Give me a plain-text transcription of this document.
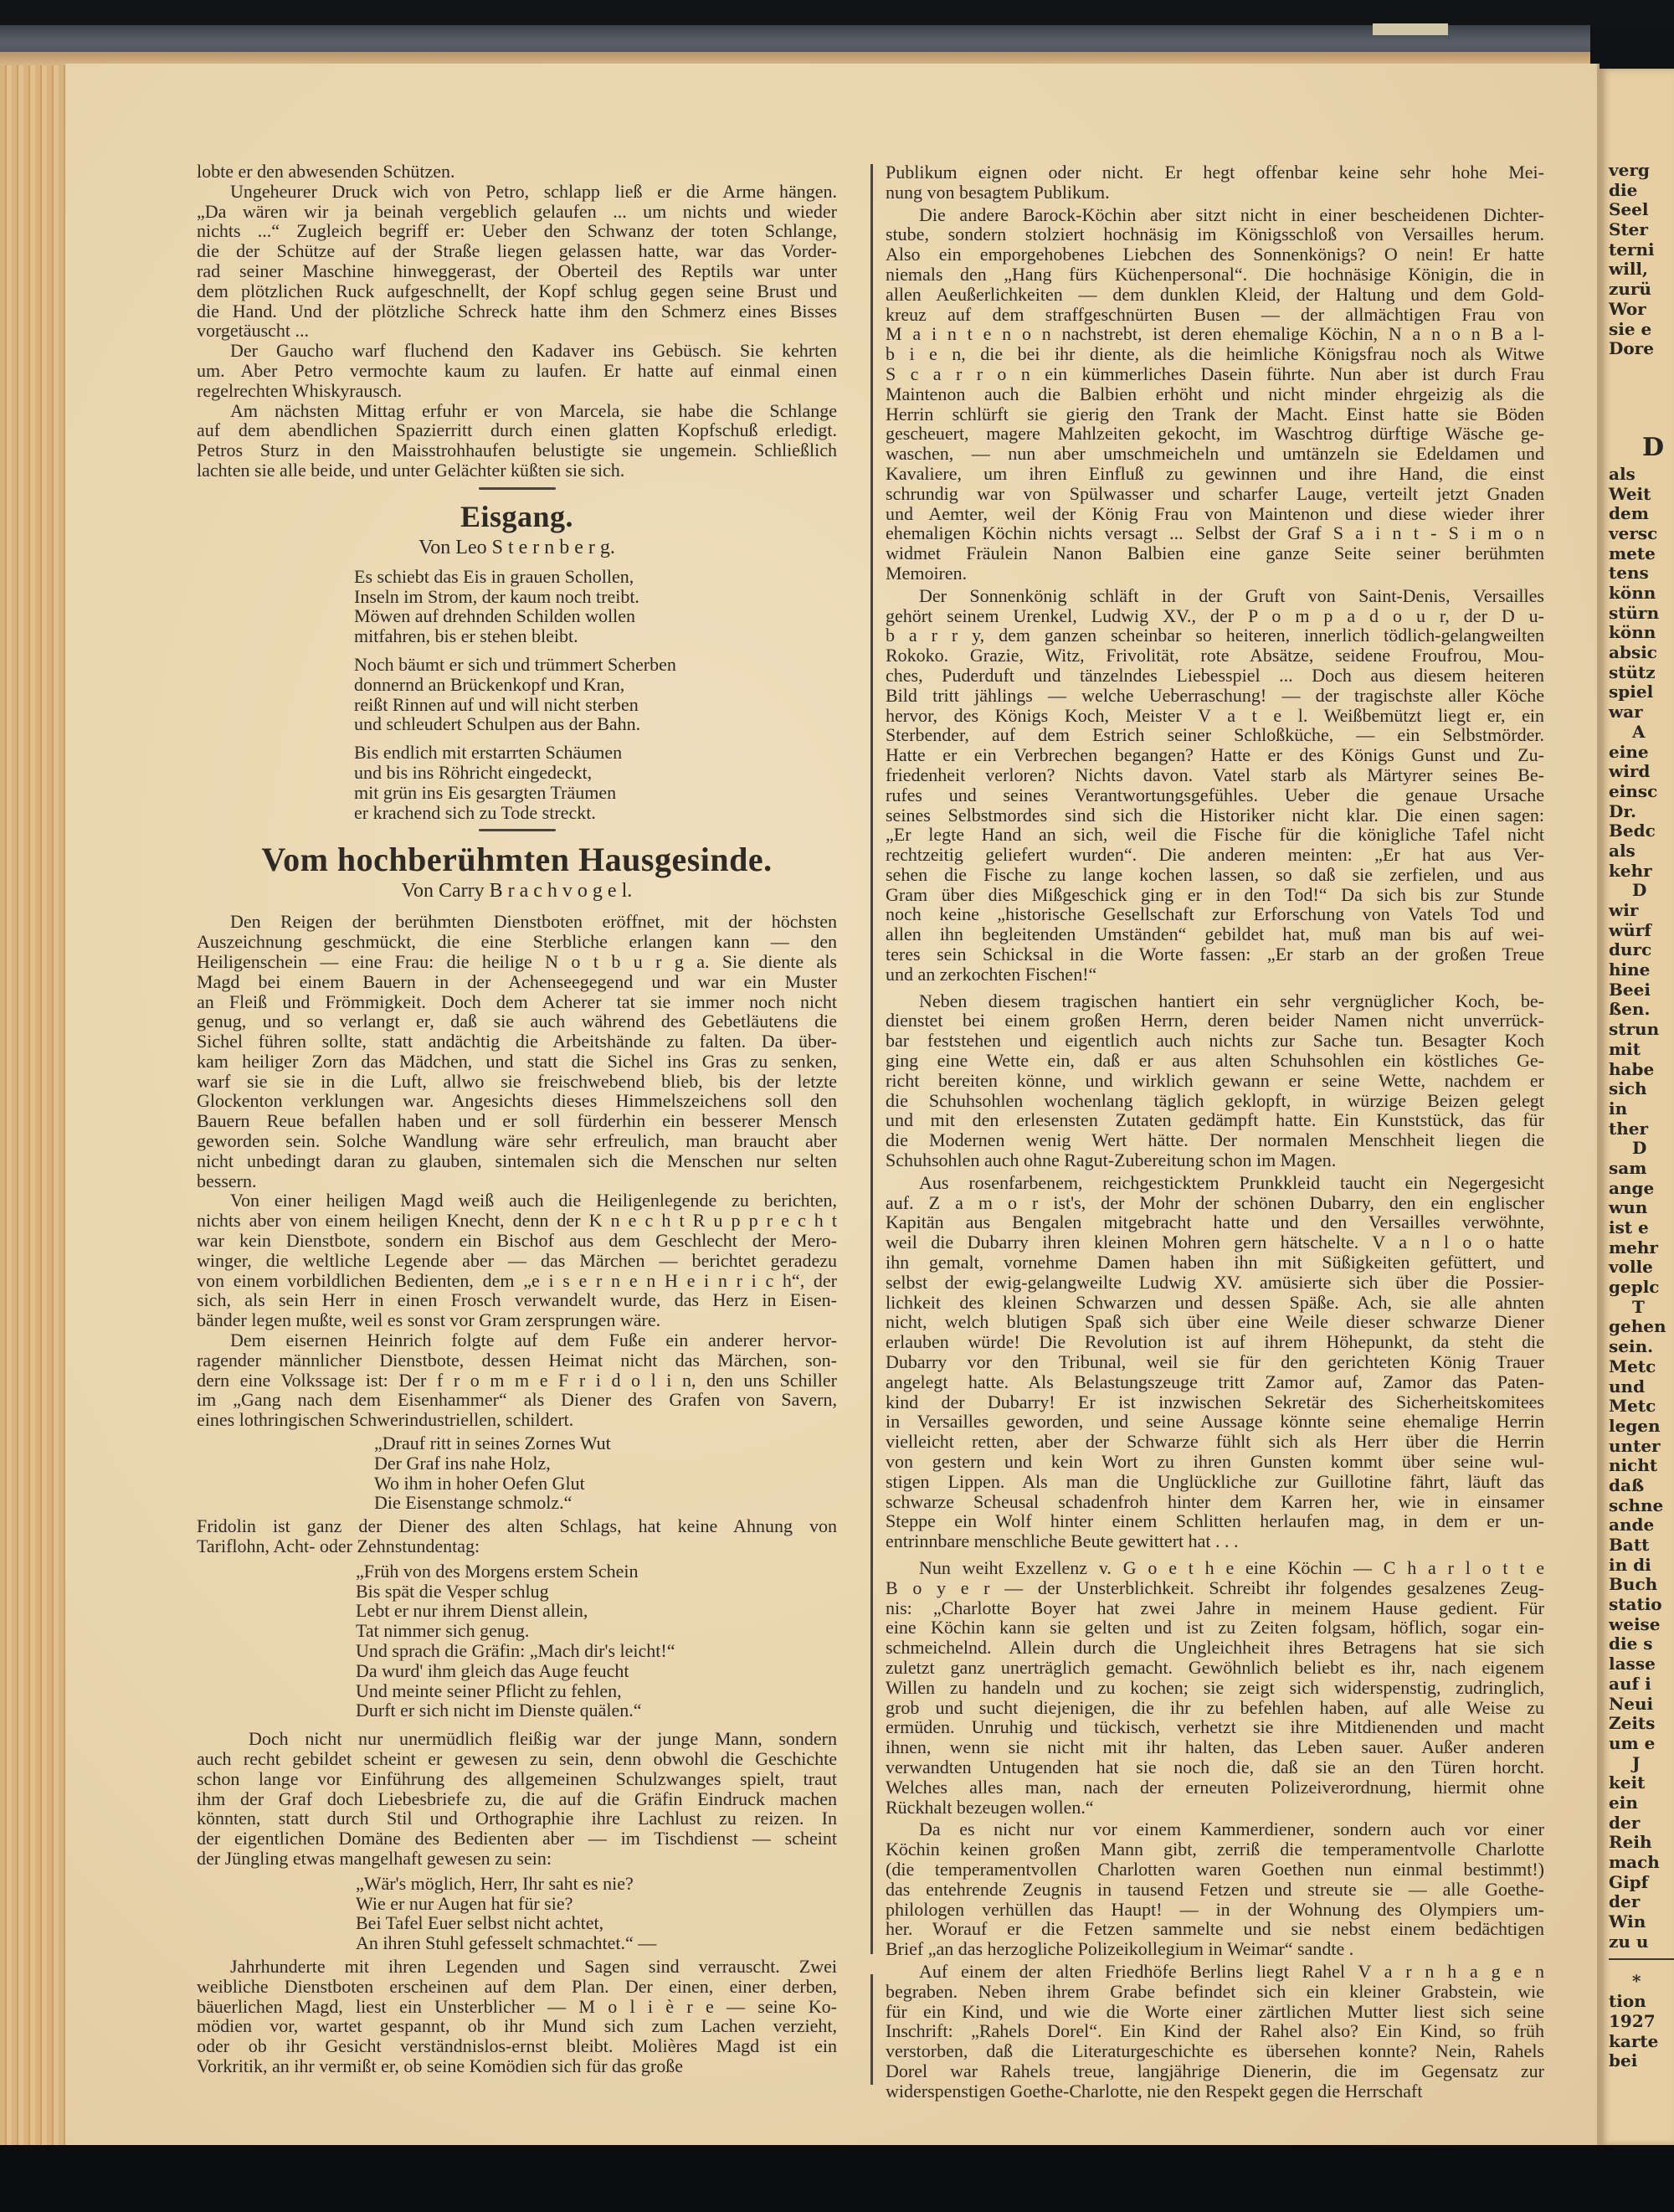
lobte er den abwesenden Schützen.
Ungeheurer Druck wich von Petro, schlapp ließ er die Arme hängen.
„Da wären wir ja beinah vergeblich gelaufen ... um nichts und wieder
nichts ...“ Zugleich begriff er: Ueber den Schwanz der toten Schlange,
die der Schütze auf der Straße liegen gelassen hatte, war das Vorder-
rad seiner Maschine hinweggerast, der Oberteil des Reptils war unter
dem plötzlichen Ruck aufgeschnellt, der Kopf schlug gegen seine Brust und
die Hand. Und der plötzliche Schreck hatte ihm den Schmerz eines Bisses
vorgetäuscht ...
Der Gaucho warf fluchend den Kadaver ins Gebüsch. Sie kehrten
um. Aber Petro vermochte kaum zu laufen. Er hatte auf einmal einen
regelrechten Whiskyrausch.
Am nächsten Mittag erfuhr er von Marcela, sie habe die Schlange
auf dem abendlichen Spazierritt durch einen glatten Kopfschuß erledigt.
Petros Sturz in den Maisstrohhaufen belustigte sie ungemein. Schließlich
lachten sie alle beide, und unter Gelächter küßten sie sich.
Eisgang.
Von Leo S t e r n b e r g.
Es schiebt das Eis in grauen Schollen,
Inseln im Strom, der kaum noch treibt.
Möwen auf drehnden Schilden wollen
mitfahren, bis er stehen bleibt.
Noch bäumt er sich und trümmert Scherben
donnernd an Brückenkopf und Kran,
reißt Rinnen auf und will nicht sterben
und schleudert Schulpen aus der Bahn.
Bis endlich mit erstarrten Schäumen
und bis ins Röhricht eingedeckt,
mit grün ins Eis gesargten Träumen
er krachend sich zu Tode streckt.
Vom hochberühmten Hausgesinde.
Von Carry B r a c h v o g e l.
Den Reigen der berühmten Dienstboten eröffnet, mit der höchsten
Auszeichnung geschmückt, die eine Sterbliche erlangen kann — den
Heiligenschein — eine Frau: die heilige N o t b u r g a. Sie diente als
Magd bei einem Bauern in der Achenseegegend und war ein Muster
an Fleiß und Frömmigkeit. Doch dem Acherer tat sie immer noch nicht
genug, und so verlangt er, daß sie auch während des Gebetläutens die
Sichel führen sollte, statt andächtig die Arbeitshände zu falten. Da über-
kam heiliger Zorn das Mädchen, und statt die Sichel ins Gras zu senken,
warf sie sie in die Luft, allwo sie freischwebend blieb, bis der letzte
Glockenton verklungen war. Angesichts dieses Himmelszeichens soll den
Bauern Reue befallen haben und er soll fürderhin ein besserer Mensch
geworden sein. Solche Wandlung wäre sehr erfreulich, man braucht aber
nicht unbedingt daran zu glauben, sintemalen sich die Menschen nur selten
bessern.
Von einer heiligen Magd weiß auch die Heiligenlegende zu berichten,
nichts aber von einem heiligen Knecht, denn der K n e c h t R u p p r e c h t
war kein Dienstbote, sondern ein Bischof aus dem Geschlecht der Mero-
winger, die weltliche Legende aber — das Märchen — berichtet geradezu
von einem vorbildlichen Bedienten, dem „e i s e r n e n H e i n r i c h“, der
sich, als sein Herr in einen Frosch verwandelt wurde, das Herz in Eisen-
bänder legen mußte, weil es sonst vor Gram zersprungen wäre.
Dem eisernen Heinrich folgte auf dem Fuße ein anderer hervor-
ragender männlicher Dienstbote, dessen Heimat nicht das Märchen, son-
dern eine Volkssage ist: Der f r o m m e F r i d o l i n, den uns Schiller
im „Gang nach dem Eisenhammer“ als Diener des Grafen von Savern,
eines lothringischen Schwerindustriellen, schildert.
„Drauf ritt in seines Zornes Wut
Der Graf ins nahe Holz,
Wo ihm in hoher Oefen Glut
Die Eisenstange schmolz.“
Fridolin ist ganz der Diener des alten Schlags, hat keine Ahnung von
Tariflohn, Acht- oder Zehnstundentag:
„Früh von des Morgens erstem Schein
Bis spät die Vesper schlug
Lebt er nur ihrem Dienst allein,
Tat nimmer sich genug.
Und sprach die Gräfin: „Mach dir's leicht!“
Da wurd' ihm gleich das Auge feucht
Und meinte seiner Pflicht zu fehlen,
Durft er sich nicht im Dienste quälen.“
Doch nicht nur unermüdlich fleißig war der junge Mann, sondern
auch recht gebildet scheint er gewesen zu sein, denn obwohl die Geschichte
schon lange vor Einführung des allgemeinen Schulzwanges spielt, traut
ihm der Graf doch Liebesbriefe zu, die auf die Gräfin Eindruck machen
könnten, statt durch Stil und Orthographie ihre Lachlust zu reizen. In
der eigentlichen Domäne des Bedienten aber — im Tischdienst — scheint
der Jüngling etwas mangelhaft gewesen zu sein:
„Wär's möglich, Herr, Ihr saht es nie?
Wie er nur Augen hat für sie?
Bei Tafel Euer selbst nicht achtet,
An ihren Stuhl gefesselt schmachtet.“ —
Jahrhunderte mit ihren Legenden und Sagen sind verrauscht. Zwei
weibliche Dienstboten erscheinen auf dem Plan. Der einen, einer derben,
bäuerlichen Magd, liest ein Unsterblicher — M o l i è r e — seine Ko-
mödien vor, wartet gespannt, ob ihr Mund sich zum Lachen verzieht,
oder ob ihr Gesicht verständnislos-ernst bleibt. Molières Magd ist ein
Vorkritik, an ihr vermißt er, ob seine Komödien sich für das große
Publikum eignen oder nicht. Er hegt offenbar keine sehr hohe Mei-
nung von besagtem Publikum.
Die andere Barock-Köchin aber sitzt nicht in einer bescheidenen Dichter-
stube, sondern stolziert hochnäsig im Königsschloß von Versailles herum.
Also ein emporgehobenes Liebchen des Sonnenkönigs? O nein! Er hatte
niemals den „Hang fürs Küchenpersonal“. Die hochnäsige Königin, die in
allen Aeußerlichkeiten — dem dunklen Kleid, der Haltung und dem Gold-
kreuz auf dem straffgeschnürten Busen — der allmächtigen Frau von
M a i n t e n o n nachstrebt, ist deren ehemalige Köchin, N a n o n B a l-
b i e n, die bei ihr diente, als die heimliche Königsfrau noch als Witwe
S c a r r o n ein kümmerliches Dasein führte. Nun aber ist durch Frau
Maintenon auch die Balbien erhöht und nicht minder ehrgeizig als die
Herrin schlürft sie gierig den Trank der Macht. Einst hatte sie Böden
gescheuert, magere Mahlzeiten gekocht, im Waschtrog dürftige Wäsche ge-
waschen, — nun aber umschmeicheln und umtänzeln sie Edeldamen und
Kavaliere, um ihren Einfluß zu gewinnen und ihre Hand, die einst
schrundig war von Spülwasser und scharfer Lauge, verteilt jetzt Gnaden
und Aemter, weil der König Frau von Maintenon und diese wieder ihrer
ehemaligen Köchin nichts versagt ... Selbst der Graf S a i n t - S i m o n
widmet Fräulein Nanon Balbien eine ganze Seite seiner berühmten
Memoiren.
Der Sonnenkönig schläft in der Gruft von Saint-Denis, Versailles
gehört seinem Urenkel, Ludwig XV., der P o m p a d o u r, der D u-
b a r r y, dem ganzen scheinbar so heiteren, innerlich tödlich-gelangweilten
Rokoko. Grazie, Witz, Frivolität, rote Absätze, seidene Froufrou, Mou-
ches, Puderduft und tänzelndes Liebesspiel ... Doch aus diesem heiteren
Bild tritt jählings — welche Ueberraschung! — der tragischste aller Köche
hervor, des Königs Koch, Meister V a t e l. Weißbemützt liegt er, ein
Sterbender, auf dem Estrich seiner Schloßküche, — ein Selbstmörder.
Hatte er ein Verbrechen begangen? Hatte er des Königs Gunst und Zu-
friedenheit verloren? Nichts davon. Vatel starb als Märtyrer seines Be-
rufes und seines Verantwortungsgefühles. Ueber die genaue Ursache
seines Selbstmordes sind sich die Historiker nicht klar. Die einen sagen:
„Er legte Hand an sich, weil die Fische für die königliche Tafel nicht
rechtzeitig geliefert wurden“. Die anderen meinten: „Er hat aus Ver-
sehen die Fische zu lange kochen lassen, so daß sie zerfielen, und aus
Gram über dies Mißgeschick ging er in den Tod!“ Da sich bis zur Stunde
noch keine „historische Gesellschaft zur Erforschung von Vatels Tod und
allen ihn begleitenden Umständen“ gebildet hat, muß man bis auf wei-
teres sein Schicksal in die Worte fassen: „Er starb an der großen Treue
und an zerkochten Fischen!“
Neben diesem tragischen hantiert ein sehr vergnüglicher Koch, be-
dienstet bei einem großen Herrn, deren beider Namen nicht unverrück-
bar feststehen und eigentlich auch nichts zur Sache tun. Besagter Koch
ging eine Wette ein, daß er aus alten Schuhsohlen ein köstliches Ge-
richt bereiten könne, und wirklich gewann er seine Wette, nachdem er
die Schuhsohlen wochenlang täglich geklopft, in würzige Beizen gelegt
und mit den erlesensten Zutaten gedämpft hatte. Ein Kunststück, das für
die Modernen wenig Wert hätte. Der normalen Menschheit liegen die
Schuhsohlen auch ohne Ragut-Zubereitung schon im Magen.
Aus rosenfarbenem, reichgesticktem Prunkkleid taucht ein Negergesicht
auf. Z a m o r ist's, der Mohr der schönen Dubarry, den ein englischer
Kapitän aus Bengalen mitgebracht hatte und den Versailles verwöhnte,
weil die Dubarry ihren kleinen Mohren gern hätschelte. V a n l o o hatte
ihn gemalt, vornehme Damen haben ihn mit Süßigkeiten gefüttert, und
selbst der ewig-gelangweilte Ludwig XV. amüsierte sich über die Possier-
lichkeit des kleinen Schwarzen und dessen Späße. Ach, sie alle ahnten
nicht, welch blutigen Spaß sich über eine Weile dieser schwarze Diener
erlauben würde! Die Revolution ist auf ihrem Höhepunkt, da steht die
Dubarry vor den Tribunal, weil sie für den gerichteten König Trauer
angelegt hatte. Als Belastungszeuge tritt Zamor auf, Zamor das Paten-
kind der Dubarry! Er ist inzwischen Sekretär des Sicherheitskomitees
in Versailles geworden, und seine Aussage könnte seine ehemalige Herrin
vielleicht retten, aber der Schwarze fühlt sich als Herr über die Herrin
von gestern und kein Wort zu ihren Gunsten kommt über seine wul-
stigen Lippen. Als man die Unglückliche zur Guillotine fährt, läuft das
schwarze Scheusal schadenfroh hinter dem Karren her, wie in einsamer
Steppe ein Wolf hinter einem Schlitten herlaufen mag, in dem er un-
entrinnbare menschliche Beute gewittert hat . . .
Nun weiht Exzellenz v. G o e t h e eine Köchin — C h a r l o t t e
B o y e r — der Unsterblichkeit. Schreibt ihr folgendes gesalzenes Zeug-
nis: „Charlotte Boyer hat zwei Jahre in meinem Hause gedient. Für
eine Köchin kann sie gelten und ist zu Zeiten folgsam, höflich, sogar ein-
schmeichelnd. Allein durch die Ungleichheit ihres Betragens hat sie sich
zuletzt ganz unerträglich gemacht. Gewöhnlich beliebt es ihr, nach eigenem
Willen zu handeln und zu kochen; sie zeigt sich widerspenstig, zudringlich,
grob und sucht diejenigen, die ihr zu befehlen haben, auf alle Weise zu
ermüden. Unruhig und tückisch, verhetzt sie ihre Mitdienenden und macht
ihnen, wenn sie nicht mit ihr halten, das Leben sauer. Außer anderen
verwandten Untugenden hat sie noch die, daß sie an den Türen horcht.
Welches alles man, nach der erneuten Polizeiverordnung, hiermit ohne
Rückhalt bezeugen wollen.“
Da es nicht nur vor einem Kammerdiener, sondern auch vor einer
Köchin keinen großen Mann gibt, zerriß die temperamentvolle Charlotte
(die temperamentvollen Charlotten waren Goethen nun einmal bestimmt!)
das entehrende Zeugnis in tausend Fetzen und streute sie — alle Goethe-
philologen verhüllen das Haupt! — in der Wohnung des Olympiers um-
her. Worauf er die Fetzen sammelte und sie nebst einem bedächtigen
Brief „an das herzogliche Polizeikollegium in Weimar“ sandte .
Auf einem der alten Friedhöfe Berlins liegt Rahel V a r n h a g e n
begraben. Neben ihrem Grabe befindet sich ein kleiner Grabstein, wie
für ein Kind, und wie die Worte einer zärtlichen Mutter liest sich seine
Inschrift: „Rahels Dorel“. Ein Kind der Rahel also? Ein Kind, so früh
verstorben, daß die Literaturgeschichte es übersehen konnte? Nein, Rahels
Dorel war Rahels treue, langjährige Dienerin, die im Gegensatz zur
widerspenstigen Goethe-Charlotte, nie den Respekt gegen die Herrschaft
verg
die
Seel
Ster
terni
will,
zurü
Wor
sie e
Dore
D
als
Weit
dem
versc
mete
tens
könn
stürn
könn
absic
stütz
spiel
war
A
eine
wird
einsc
Dr.
Bedc
als
kehr
D
wir
würf
durc
hine
Beei
ßen.
strun
mit
habe
sich
in
ther
D
sam
ange
wun
ist e
mehr
volle
geplc
T
gehen
sein.
Metc
und
Metc
legen
unter
nicht
daß
schne
ande
Batt
in di
Buch
statio
weise
die s
lasse
auf i
Neui
Zeits
um e
J
keit
ein
der
Reih
mach
Gipf
der
Win
zu u
*
tion
1927
karte
bei
